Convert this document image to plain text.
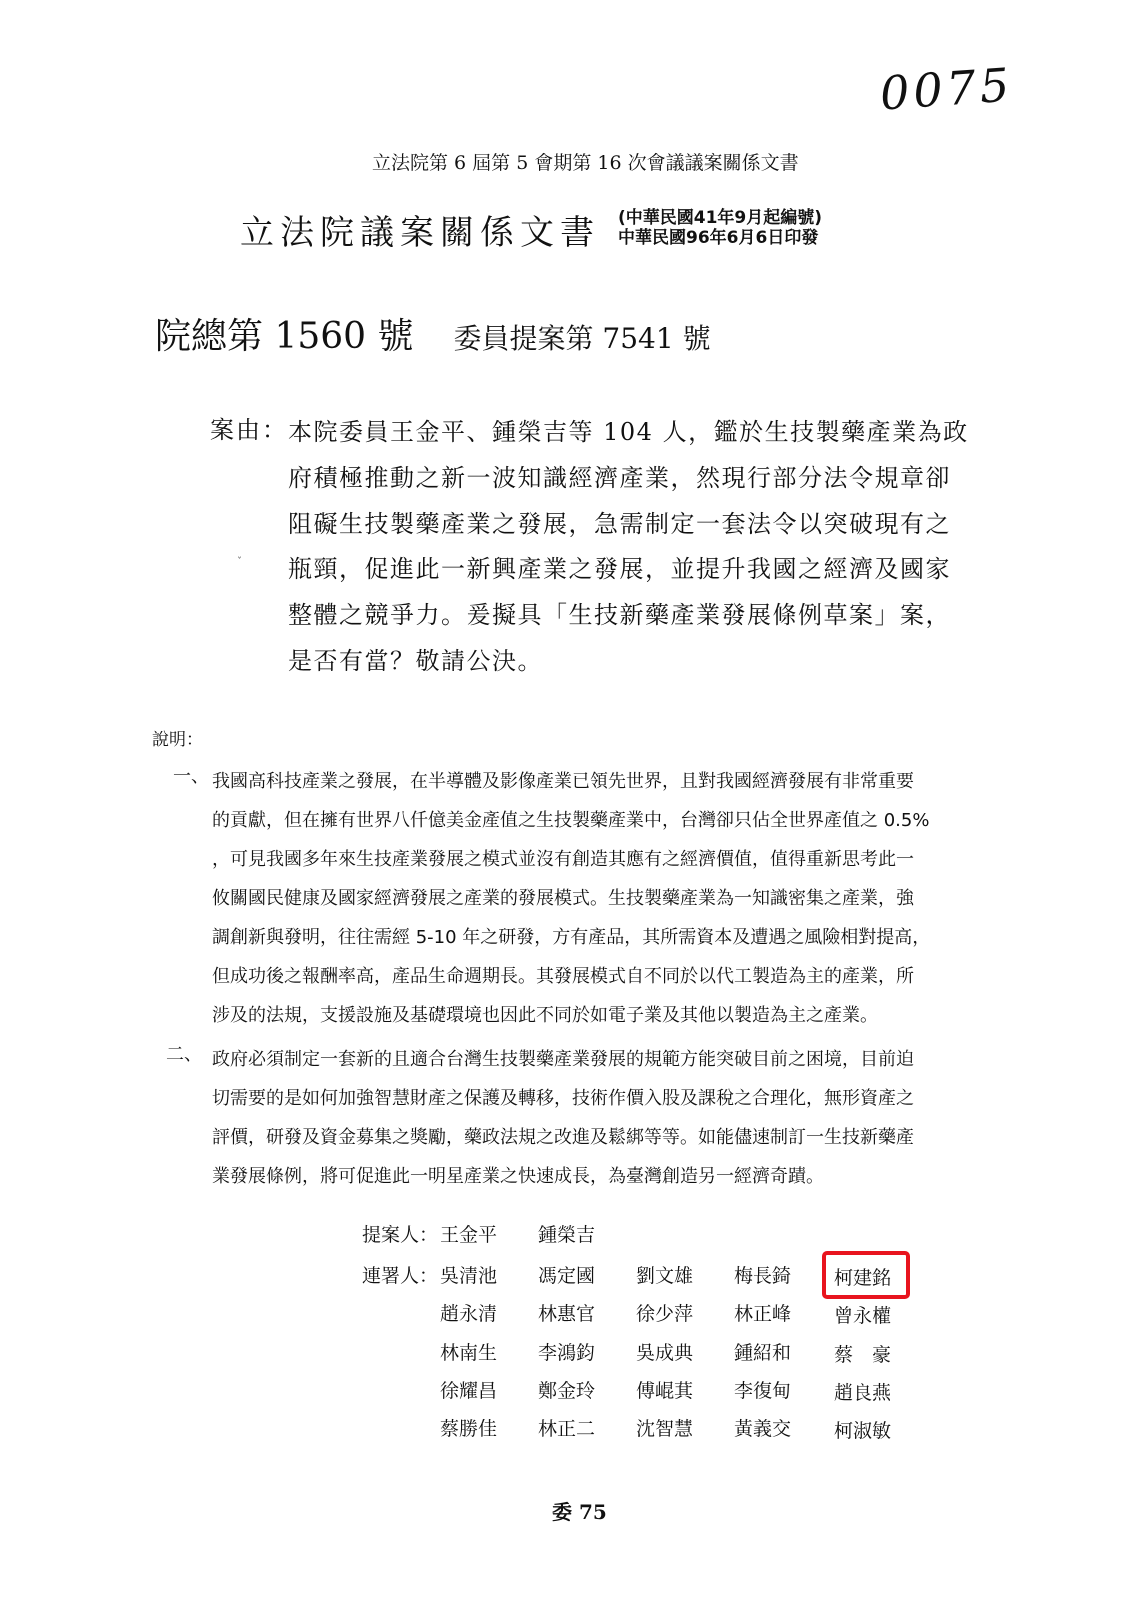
0075
立法院第 6 屆第 5 會期第 16 次會議議案關係文書
立法院議案關係文書 (中華民國41年9月起編號)
中華民國96年6月6日印發
院總第 1560 號 委員提案第 7541 號
案由： 本院委員王金平、鍾榮吉等 104 人，鑑於生技製藥產業為政
府積極推動之新一波知識經濟產業，然現行部分法令規章卻
阻礙生技製藥產業之發展，急需制定一套法令以突破現有之
瓶頸，促進此一新興產業之發展，並提升我國之經濟及國家
整體之競爭力。爰擬具「生技新藥產業發展條例草案」案，
是否有當？敬請公決。
ˇ
說明：
一、 我國高科技產業之發展，在半導體及影像產業已領先世界，且對我國經濟發展有非常重要
的貢獻，但在擁有世界八仟億美金產值之生技製藥產業中，台灣卻只佔全世界產值之 0.5%
，可見我國多年來生技產業發展之模式並沒有創造其應有之經濟價值，值得重新思考此一
攸關國民健康及國家經濟發展之產業的發展模式。生技製藥產業為一知識密集之產業，強
調創新與發明，往往需經 5-10 年之研發，方有產品，其所需資本及遭遇之風險相對提高，
但成功後之報酬率高，產品生命週期長。其發展模式自不同於以代工製造為主的產業，所
涉及的法規，支援設施及基礎環境也因此不同於如電子業及其他以製造為主之產業。
二、 政府必須制定一套新的且適合台灣生技製藥產業發展的規範方能突破目前之困境，目前迫
切需要的是如何加強智慧財產之保護及轉移，技術作價入股及課稅之合理化，無形資產之
評價，研發及資金募集之獎勵，藥政法規之改進及鬆綁等等。如能儘速制訂一生技新藥產
業發展條例，將可促進此一明星產業之快速成長，為臺灣創造另一經濟奇蹟。
提案人： 王金平 鍾榮吉
連署人： 吳清池 馮定國 劉文雄 梅長錡 柯建銘
趙永清 林惠官 徐少萍 林正峰 曾永權
林南生 李鴻鈞 吳成典 鍾紹和 蔡　豪
徐耀昌 鄭金玲 傅崐萁 李復甸 趙良燕
蔡勝佳 林正二 沈智慧 黃義交 柯淑敏
委 75
